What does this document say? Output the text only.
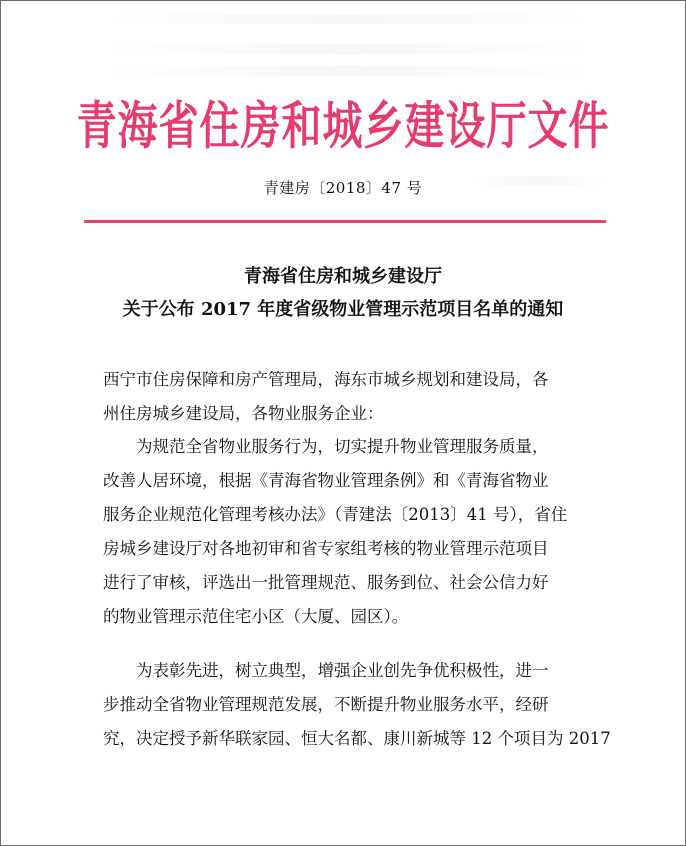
青海省住房和城乡建设厅文件
青建房〔2018〕47 号
青海省住房和城乡建设厅
关于公布 2017 年度省级物业管理示范项目名单的通知
西宁市住房保障和房产管理局，海东市城乡规划和建设局，各
州住房城乡建设局，各物业服务企业：
　　为规范全省物业服务行为，切实提升物业管理服务质量，
改善人居环境，根据《青海省物业管理条例》和《青海省物业
服务企业规范化管理考核办法》（青建法〔2013〕41 号），省住
房城乡建设厅对各地初审和省专家组考核的物业管理示范项目
进行了审核，评选出一批管理规范、服务到位、社会公信力好
的物业管理示范住宅小区（大厦、园区）。
　　为表彰先进，树立典型，增强企业创先争优积极性，进一
步推动全省物业管理规范发展，不断提升物业服务水平，经研
究，决定授予新华联家园、恒大名都、康川新城等 12 个项目为 2017
